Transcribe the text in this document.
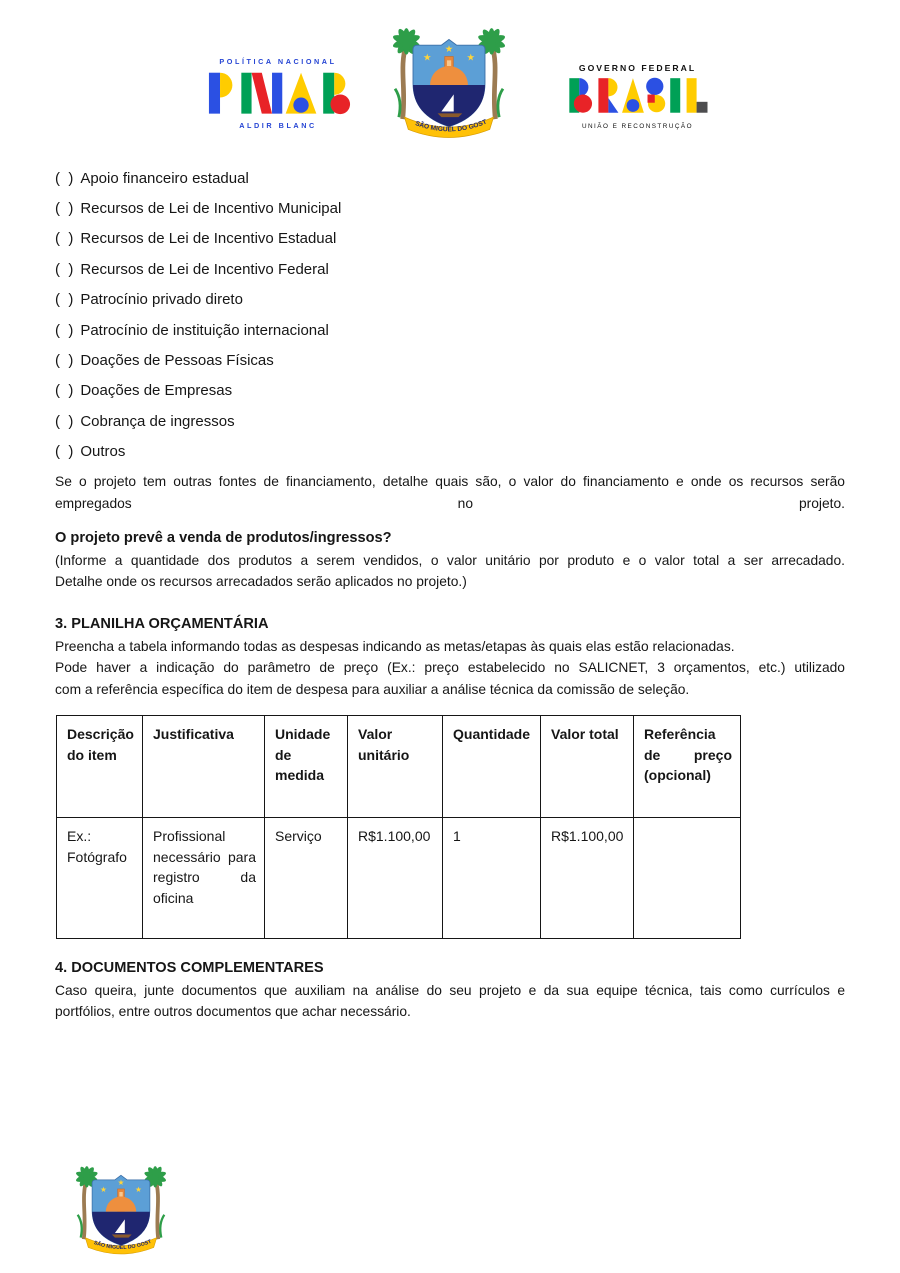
POLÍTICA NACIONAL
ALDIR BLANC
GOVERNO FEDERAL
UNIÃO E RECONSTRUÇÃO
(  ) Apoio financeiro estadual
(  ) Recursos de Lei de Incentivo Municipal
(  ) Recursos de Lei de Incentivo Estadual
(  ) Recursos de Lei de Incentivo Federal
(  ) Patrocínio privado direto
(  ) Patrocínio de instituição internacional
(  ) Doações de Pessoas Físicas
(  ) Doações de Empresas
(  ) Cobrança de ingressos
(  ) Outros
Se o projeto tem outras fontes de financiamento, detalhe quais são, o valor do financiamento e onde os recursos serão
empregados	no	projeto.
O projeto prevê a venda de produtos/ingressos?
(Informe a quantidade dos produtos a serem vendidos, o valor unitário por produto e o valor total a ser arrecadado.
Detalhe onde os recursos arrecadados serão aplicados no projeto.)
3. PLANILHA ORÇAMENTÁRIA
Preencha a tabela informando todas as despesas indicando as metas/etapas às quais elas estão relacionadas.
Pode haver a indicação do parâmetro de preço (Ex.: preço estabelecido no SALICNET, 3 orçamentos, etc.) utilizado
com a referência específica do item de despesa para auxiliar a análise técnica da comissão de seleção.
Descrição do item	Justificativa	Unidade de medida	Valor unitário	Quantidade	Valor total	Referência de preço (opcional)
Ex.: Fotógrafo	Profissional necessário para registro da oficina	Serviço	R$1.100,00	1	R$1.100,00	
4. DOCUMENTOS COMPLEMENTARES
Caso queira, junte documentos que auxiliam na análise do seu projeto e da sua equipe técnica, tais como currículos e
portfólios, entre outros documentos que achar necessário.
